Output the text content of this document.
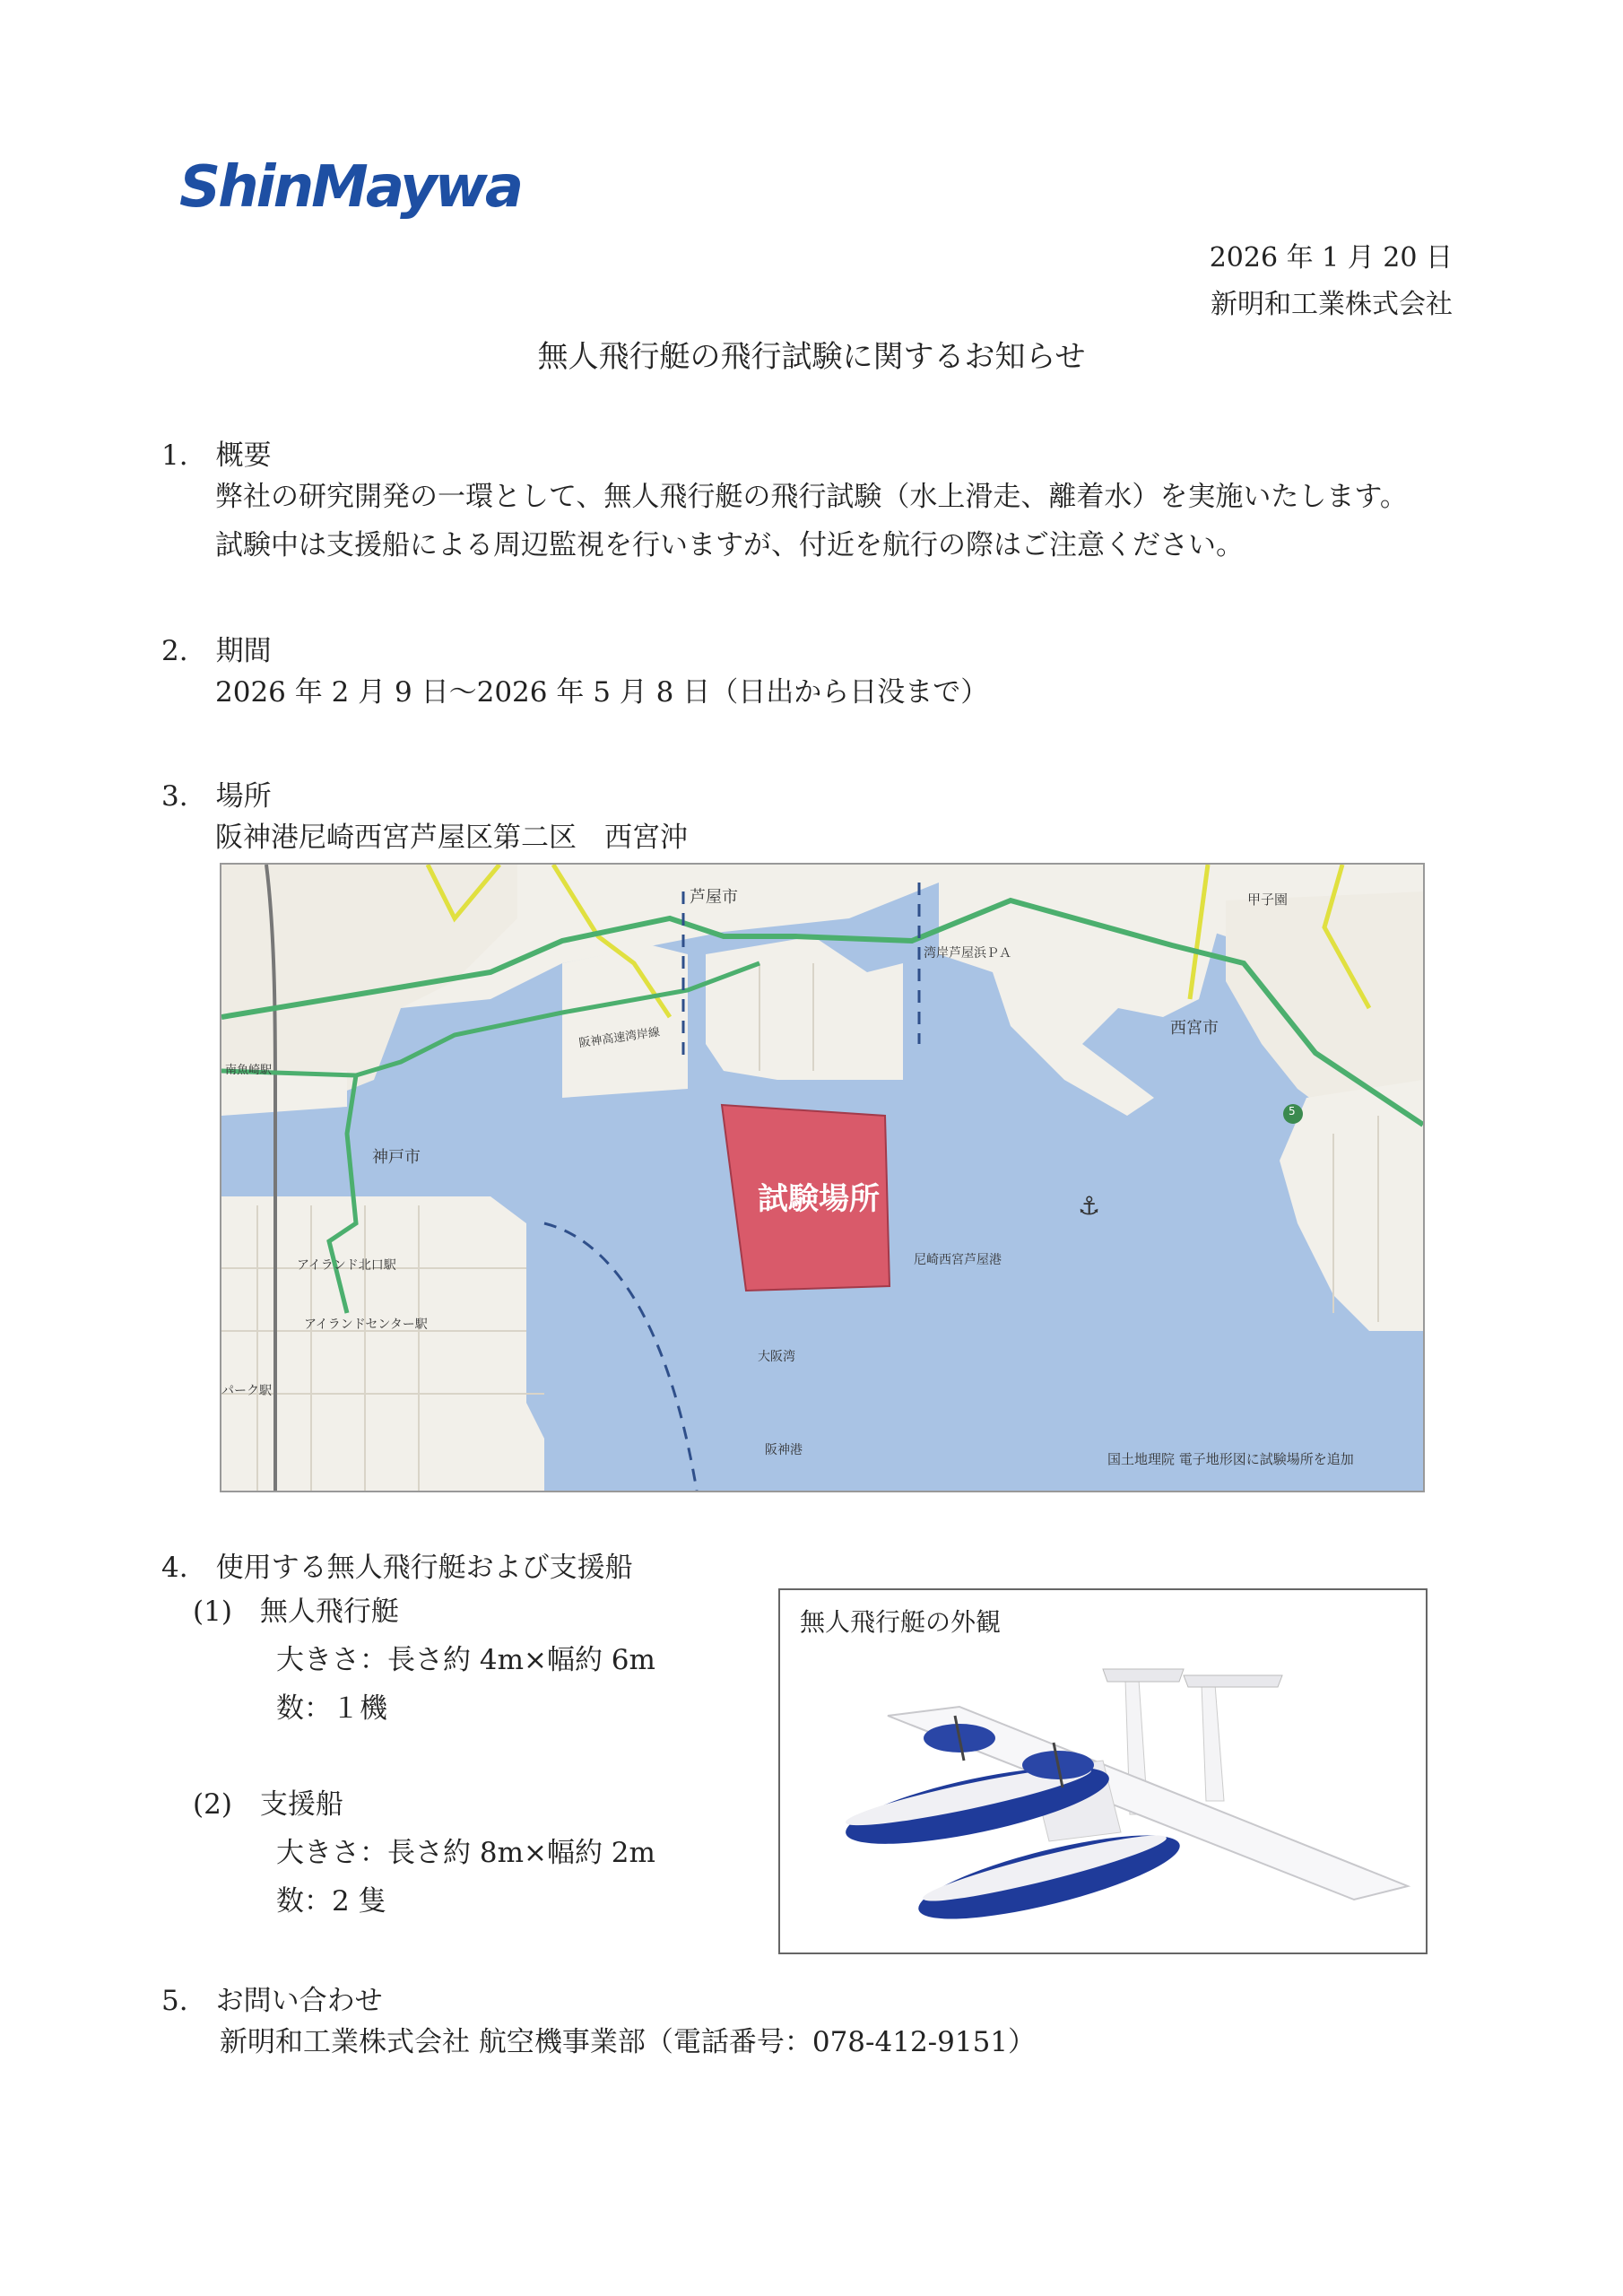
ShinMaywa
2026 年 1 月 20 日
新明和工業株式会社
無人飛行艇の飛行試験に関するお知らせ
1.　概要
弊社の研究開発の一環として、無人飛行艇の飛行試験（水上滑走、離着水）を実施いたします。
試験中は支援船による周辺監視を行いますが、付近を航行の際はご注意ください。
2.　期間
2026 年 2 月 9 日～2026 年 5 月 8 日（日出から日没まで）
3.　場所
阪神港尼崎西宮芦屋区第二区　西宮沖
⚓
試験場所
神戸市
芦屋市
西宮市
甲子園
湾岸芦屋浜ＰＡ
阪神高速湾岸線
アイランド北口駅
アイランドセンター駅
パーク駅
南魚崎駅
尼崎西宮芦屋港
大阪湾
阪神港
国土地理院 電子地形図に試験場所を追加
5
4.　使用する無人飛行艇および支援船
(1)　無人飛行艇
大きさ：長さ約 4m×幅約 6m
数：１機
(2)　支援船
大きさ：長さ約 8m×幅約 2m
数：2 隻
無人飛行艇の外観
5.　お問い合わせ
新明和工業株式会社 航空機事業部（電話番号：078-412-9151）
